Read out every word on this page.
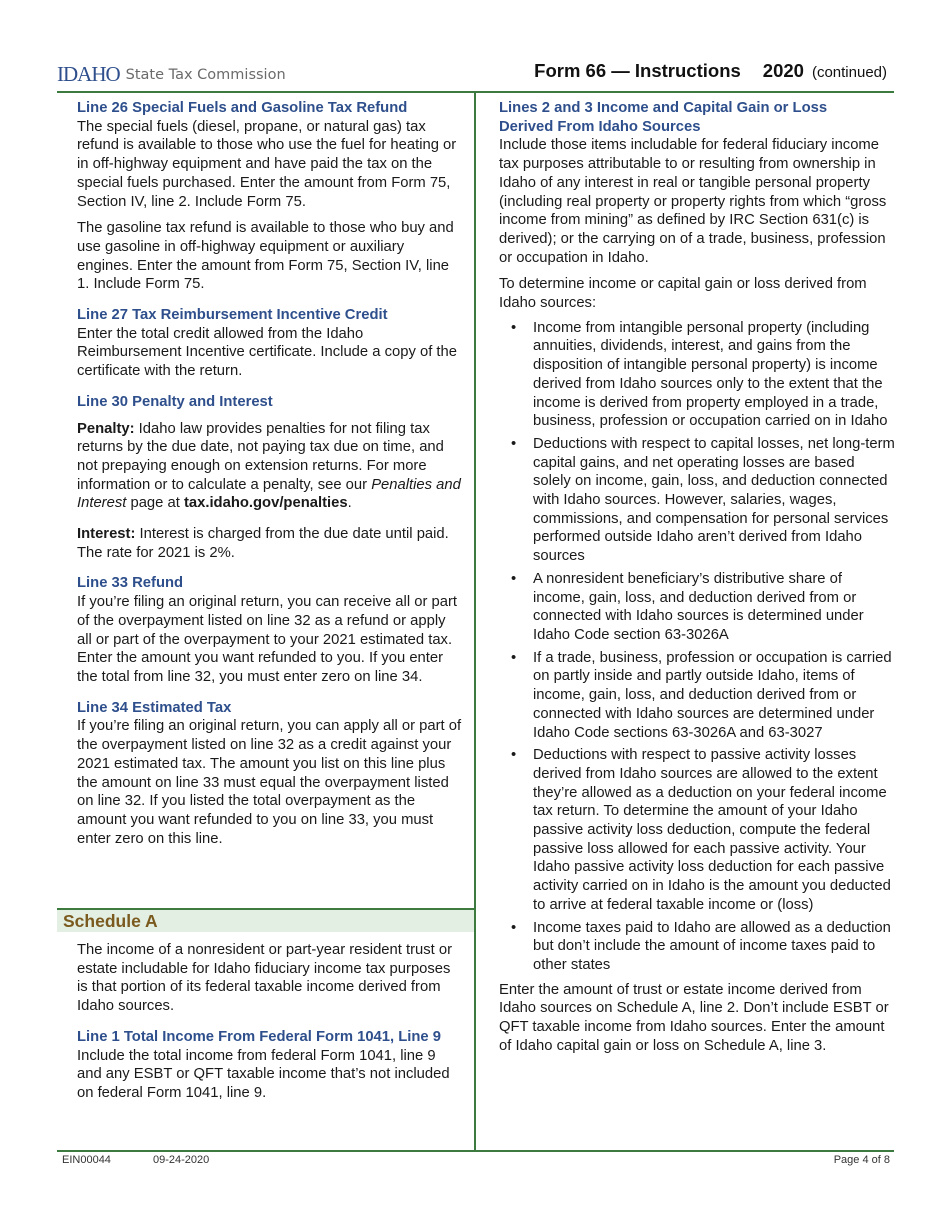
IDAHO State Tax Commission	Form 66 — Instructions 2020 (continued)
Line 26 Special Fuels and Gasoline Tax Refund

The special fuels (diesel, propane, or natural gas) tax refund is available to those who use the fuel for heating or in off-highway equipment and have paid the tax on the special fuels purchased. Enter the amount from Form 75, Section IV, line 2. Include Form 75.

The gasoline tax refund is available to those who buy and use gasoline in off-highway equipment or auxiliary engines. Enter the amount from Form 75, Section IV, line 1. Include Form 75.

Line 27 Tax Reimbursement Incentive Credit

Enter the total credit allowed from the Idaho Reimbursement Incentive certificate. Include a copy of the certificate with the return.

Line 30 Penalty and Interest

Penalty: Idaho law provides penalties for not filing tax returns by the due date, not paying tax due on time, and not prepaying enough on extension returns. For more information or to calculate a penalty, see our Penalties and Interest page at tax.idaho.gov/penalties.

Interest: Interest is charged from the due date until paid. The rate for 2021 is 2%.

Line 33 Refund

If you’re filing an original return, you can receive all or part of the overpayment listed on line 32 as a refund or apply all or part of the overpayment to your 2021 estimated tax. Enter the amount you want refunded to you. If you enter the total from line 32, you must enter zero on line 34.

Line 34 Estimated Tax

If you’re filing an original return, you can apply all or part of the overpayment listed on line 32 as a credit against your 2021 estimated tax. The amount you list on this line plus the amount on line 33 must equal the overpayment listed on line 32. If you listed the total overpayment as the amount you want refunded to you on line 33, you must enter zero on this line.

Schedule A

The income of a nonresident or part-year resident trust or estate includable for Idaho fiduciary income tax purposes is that portion of its federal taxable income derived from Idaho sources.

Line 1 Total Income From Federal Form 1041, Line 9

Include the total income from federal Form 1041, line 9 and any ESBT or QFT taxable income that’s not included on federal Form 1041, line 9.

Lines 2 and 3 Income and Capital Gain or Loss Derived From Idaho Sources

Include those items includable for federal fiduciary income tax purposes attributable to or resulting from ownership in Idaho of any interest in real or tangible personal property (including real property or property rights from which “gross income from mining” as defined by IRC Section 631(c) is derived); or the carrying on of a trade, business, profession or occupation in Idaho.

To determine income or capital gain or loss derived from Idaho sources:

• Income from intangible personal property (including annuities, dividends, interest, and gains from the disposition of intangible personal property) is income derived from Idaho sources only to the extent that the income is derived from property employed in a trade, business, profession or occupation carried on in Idaho
• Deductions with respect to capital losses, net long-term capital gains, and net operating losses are based solely on income, gain, loss, and deduction connected with Idaho sources. However, salaries, wages, commissions, and compensation for personal services performed outside Idaho aren’t derived from Idaho sources
• A nonresident beneficiary’s distributive share of income, gain, loss, and deduction derived from or connected with Idaho sources is determined under Idaho Code section 63-3026A
• If a trade, business, profession or occupation is carried on partly inside and partly outside Idaho, items of income, gain, loss, and deduction derived from or connected with Idaho sources are determined under Idaho Code sections 63-3026A and 63-3027
• Deductions with respect to passive activity losses derived from Idaho sources are allowed to the extent they’re allowed as a deduction on your federal income tax return. To determine the amount of your Idaho passive activity loss deduction, compute the federal passive loss allowed for each passive activity. Your Idaho passive activity loss deduction for each passive activity carried on in Idaho is the amount you deducted to arrive at federal taxable income or (loss)
• Income taxes paid to Idaho are allowed as a deduction but don’t include the amount of income taxes paid to other states

Enter the amount of trust or estate income derived from Idaho sources on Schedule A, line 2. Don’t include ESBT or QFT taxable income from Idaho sources. Enter the amount of Idaho capital gain or loss on Schedule A, line 3.

EIN00044	09-24-2020	Page 4 of 8
